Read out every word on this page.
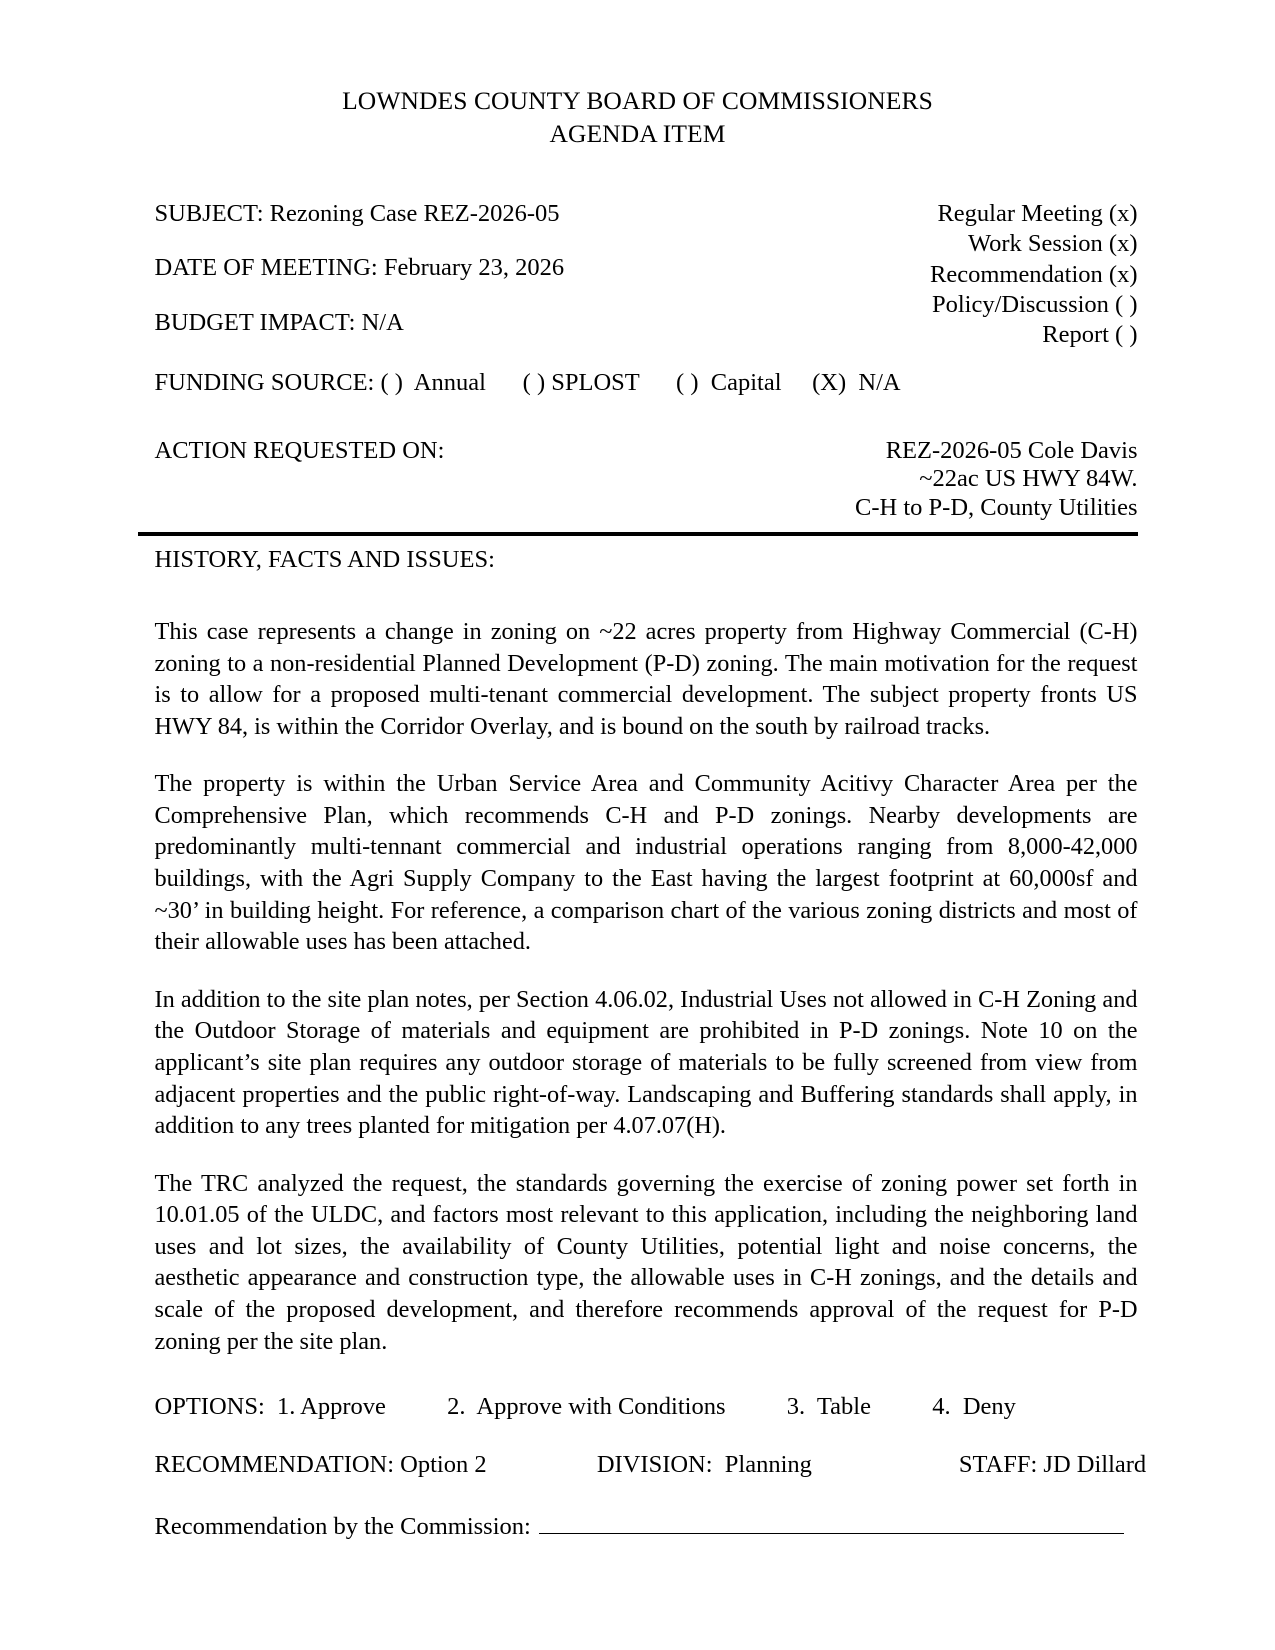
LOWNDES COUNTY BOARD OF COMMISSIONERS
AGENDA ITEM
SUBJECT: Rezoning Case REZ-2026-05
DATE OF MEETING: February 23, 2026
BUDGET IMPACT: N/A
Regular Meeting (x)
Work Session (x)
Recommendation (x)
Policy/Discussion ( )
Report ( )
FUNDING SOURCE: ( )  Annual      ( ) SPLOST      ( )  Capital     (X)  N/A
ACTION REQUESTED ON:	REZ-2026-05 Cole Davis
~22ac US HWY 84W.
C-H to P-D, County Utilities
HISTORY, FACTS AND ISSUES:

This case represents a change in zoning on ~22 acres property from Highway Commercial (C-H) zoning to a non-residential Planned Development (P-D) zoning. The main motivation for the request is to allow for a proposed multi-tenant commercial development. The subject property fronts US HWY 84, is within the Corridor Overlay, and is bound on the south by railroad tracks.

The property is within the Urban Service Area and Community Acitivy Character Area per the Comprehensive Plan, which recommends C-H and P-D zonings. Nearby developments are predominantly multi-tennant commercial and industrial operations ranging from 8,000-42,000 buildings, with the Agri Supply Company to the East having the largest footprint at 60,000sf and ~30’ in building height. For reference, a comparison chart of the various zoning districts and most of their allowable uses has been attached.

In addition to the site plan notes, per Section 4.06.02, Industrial Uses not allowed in C-H Zoning and the Outdoor Storage of materials and equipment are prohibited in P-D zonings. Note 10 on the applicant’s site plan requires any outdoor storage of materials to be fully screened from view from adjacent properties and the public right-of-way. Landscaping and Buffering standards shall apply, in addition to any trees planted for mitigation per 4.07.07(H).

The TRC analyzed the request, the standards governing the exercise of zoning power set forth in 10.01.05 of the ULDC, and factors most relevant to this application, including the neighboring land uses and lot sizes, the availability of County Utilities, potential light and noise concerns, the aesthetic appearance and construction type, the allowable uses in C-H zonings, and the details and scale of the proposed development, and therefore recommends approval of the request for P-D zoning per the site plan.

OPTIONS:  1. Approve          2.  Approve with Conditions          3.  Table          4.  Deny
RECOMMENDATION: Option 2                  DIVISION:  Planning                        STAFF: JD Dillard
Recommendation by the Commission:
